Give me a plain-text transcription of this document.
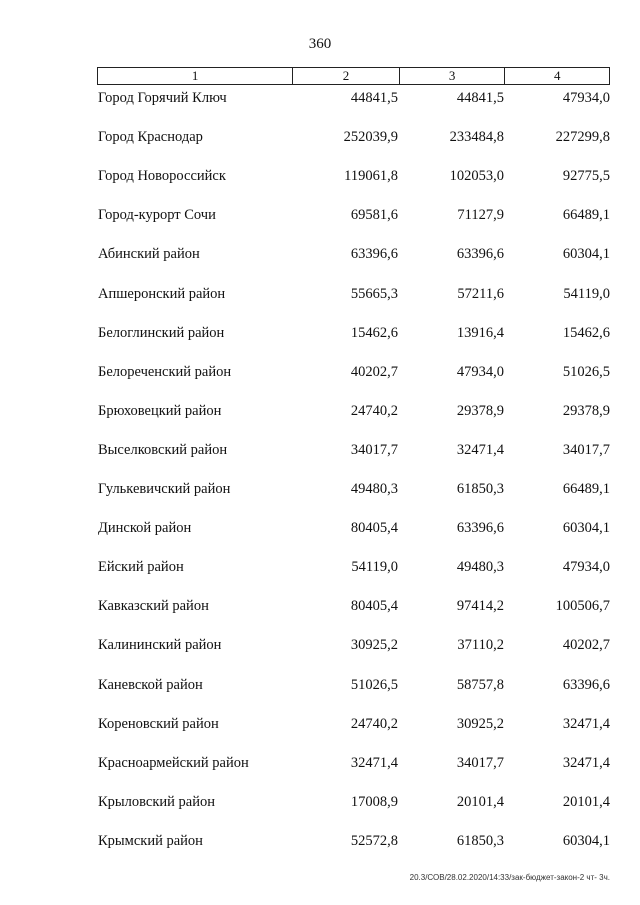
360
1	2	3	4
Город Горячий Ключ	44841,5	44841,5	47934,0
Город Краснодар	252039,9	233484,8	227299,8
Город Новороссийск	119061,8	102053,0	92775,5
Город-курорт Сочи	69581,6	71127,9	66489,1
Абинский район	63396,6	63396,6	60304,1
Апшеронский район	55665,3	57211,6	54119,0
Белоглинский район	15462,6	13916,4	15462,6
Белореченский район	40202,7	47934,0	51026,5
Брюховецкий район	24740,2	29378,9	29378,9
Выселковский район	34017,7	32471,4	34017,7
Гулькевичский район	49480,3	61850,3	66489,1
Динской район	80405,4	63396,6	60304,1
Ейский район	54119,0	49480,3	47934,0
Кавказский район	80405,4	97414,2	100506,7
Калининский район	30925,2	37110,2	40202,7
Каневской район	51026,5	58757,8	63396,6
Кореновский район	24740,2	30925,2	32471,4
Красноармейский район	32471,4	34017,7	32471,4
Крыловский район	17008,9	20101,4	20101,4
Крымский район	52572,8	61850,3	60304,1
20.3/СОВ/28.02.2020/14:33/зак-бюджет-закон-2 чт- 3ч.
